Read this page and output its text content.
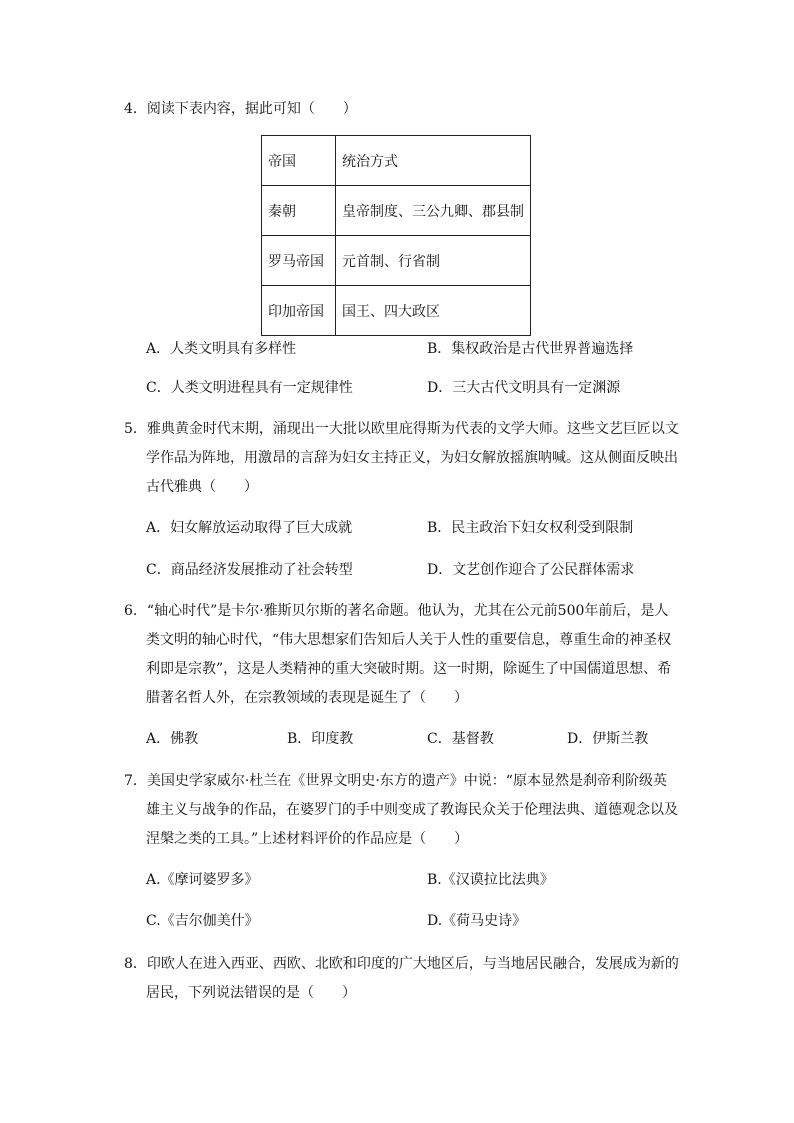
4．阅读下表内容，据此可知（　　）
帝国	统治方式
秦朝	皇帝制度、三公九卿、郡县制
罗马帝国	元首制、行省制
印加帝国	国王、四大政区
A．人类文明具有多样性	B．集权政治是古代世界普遍选择
C．人类文明进程具有一定规律性	D．三大古代文明具有一定渊源
5．雅典黄金时代末期，涌现出一大批以欧里庇得斯为代表的文学大师。这些文艺巨匠以文
学作品为阵地，用激昂的言辞为妇女主持正义，为妇女解放摇旗呐喊。这从侧面反映出
古代雅典（　　）
A．妇女解放运动取得了巨大成就	B．民主政治下妇女权利受到限制
C．商品经济发展推动了社会转型	D．文艺创作迎合了公民群体需求
6．“轴心时代”是卡尔·雅斯贝尔斯的著名命题。他认为，尤其在公元前500年前后，是人
类文明的轴心时代，“伟大思想家们告知后人关于人性的重要信息，尊重生命的神圣权
利即是宗教”，这是人类精神的重大突破时期。这一时期，除诞生了中国儒道思想、希
腊著名哲人外，在宗教领域的表现是诞生了（　　）
A．佛教	B．印度教	C．基督教	D．伊斯兰教
7．美国史学家威尔·杜兰在《世界文明史·东方的遗产》中说：“原本显然是刹帝利阶级英
雄主义与战争的作品，在婆罗门的手中则变成了教诲民众关于伦理法典、道德观念以及
涅槃之类的工具。”上述材料评价的作品应是（　　）
A.《摩诃婆罗多》	B.《汉谟拉比法典》
C.《吉尔伽美什》	D.《荷马史诗》
8．印欧人在进入西亚、西欧、北欧和印度的广大地区后，与当地居民融合，发展成为新的
居民，下列说法错误的是（　　）
